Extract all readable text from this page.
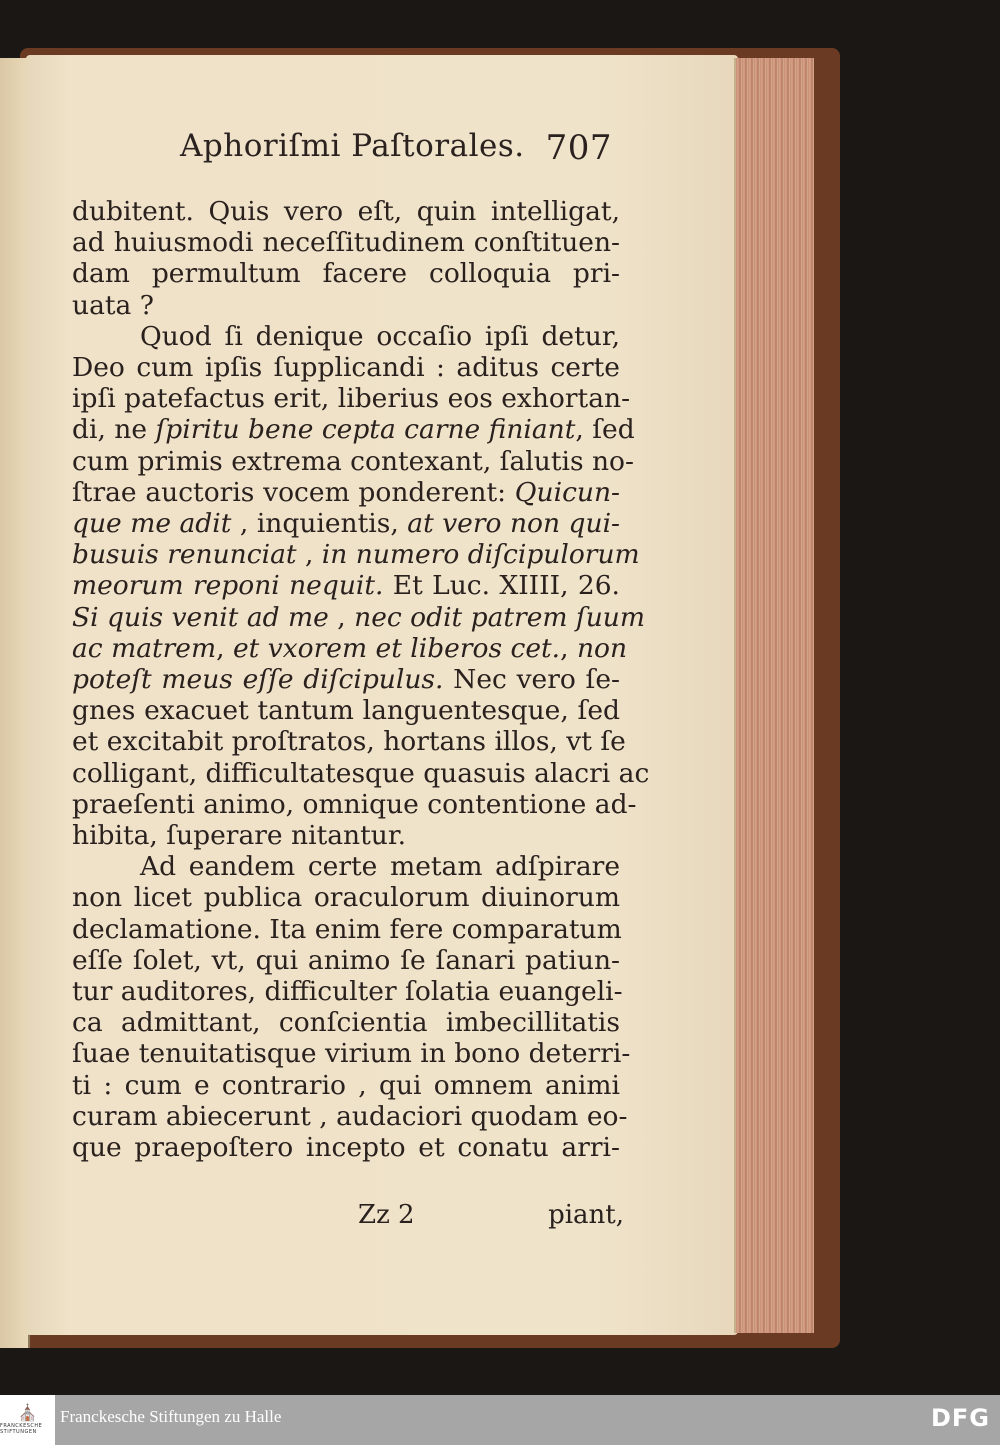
Aphoriſmi Paſtorales. 707
dubitent. Quis vero eſt, quin intelligat,
ad huiusmodi neceſſitudinem conſtituen-
dam permultum facere colloquia pri-
uata ?
Quod ſi denique occaſio ipſi detur,
Deo cum ipſis ſupplicandi : aditus certe
ipſi patefactus erit, liberius eos exhortan-
di, ne ſpiritu bene cepta carne finiant, ſed
cum primis extrema contexant, ſalutis no-
ſtrae auctoris vocem ponderent: Quicun-
que me adit , inquientis, at vero non qui-
busuis renunciat , in numero diſcipulorum
meorum reponi nequit. Et Luc. XIIII, 26.
Si quis venit ad me , nec odit patrem ſuum
ac matrem, et vxorem et liberos cet., non
poteſt meus eſſe diſcipulus. Nec vero ſe-
gnes exacuet tantum languentesque, ſed
et excitabit proſtratos, hortans illos, vt ſe
colligant, difficultatesque quasuis alacri ac
praeſenti animo, omnique contentione ad-
hibita, ſuperare nitantur.
Ad eandem certe metam adſpirare
non licet publica oraculorum diuinorum
declamatione. Ita enim fere comparatum
eſſe ſolet, vt, qui animo ſe ſanari patiun-
tur auditores, difficulter ſolatia euangeli-
ca admittant, conſcientia imbecillitatis
ſuae tenuitatisque virium in bono deterri-
ti : cum e contrario , qui omnem animi
curam abiecerunt , audaciori quodam eo-
que praepoſtero incepto et conatu arri-
Zz 2	piant,
⛪
FRANCKESCHE STIFTUNGEN
Franckesche Stiftungen zu Halle	DFG
